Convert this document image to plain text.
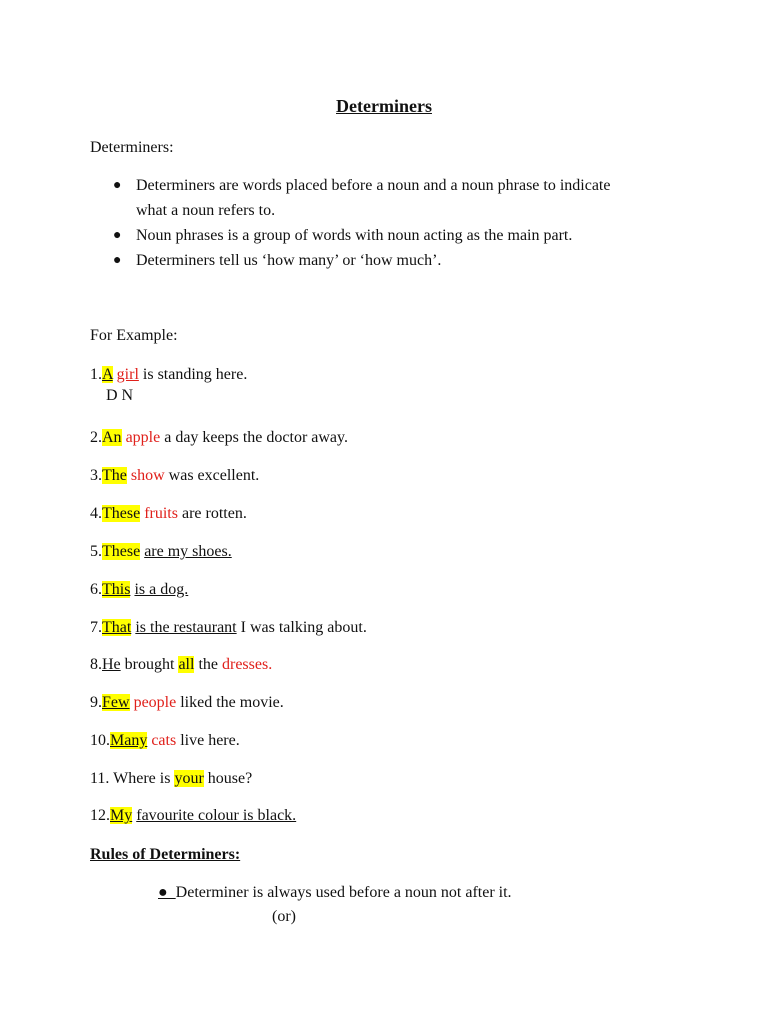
Determiners
Determiners:
● Determiners are words placed before a noun and a noun phrase to indicate
what a noun refers to.
● Noun phrases is a group of words with noun acting as the main part.
● Determiners tell us ‘how many’ or ‘how much’.
For Example:
1.A girl is standing here.
D N
2.An apple a day keeps the doctor away.
3.The show was excellent.
4.These fruits are rotten.
5.These are my shoes.
6.This is a dog.
7.That is the restaurant I was talking about.
8.He brought all the dresses.
9.Few people liked the movie.
10.Many cats live here.
11. Where is your house?
12.My favourite colour is black.
Rules of Determiners:
●  Determiner is always used before a noun not after it.
(or)
